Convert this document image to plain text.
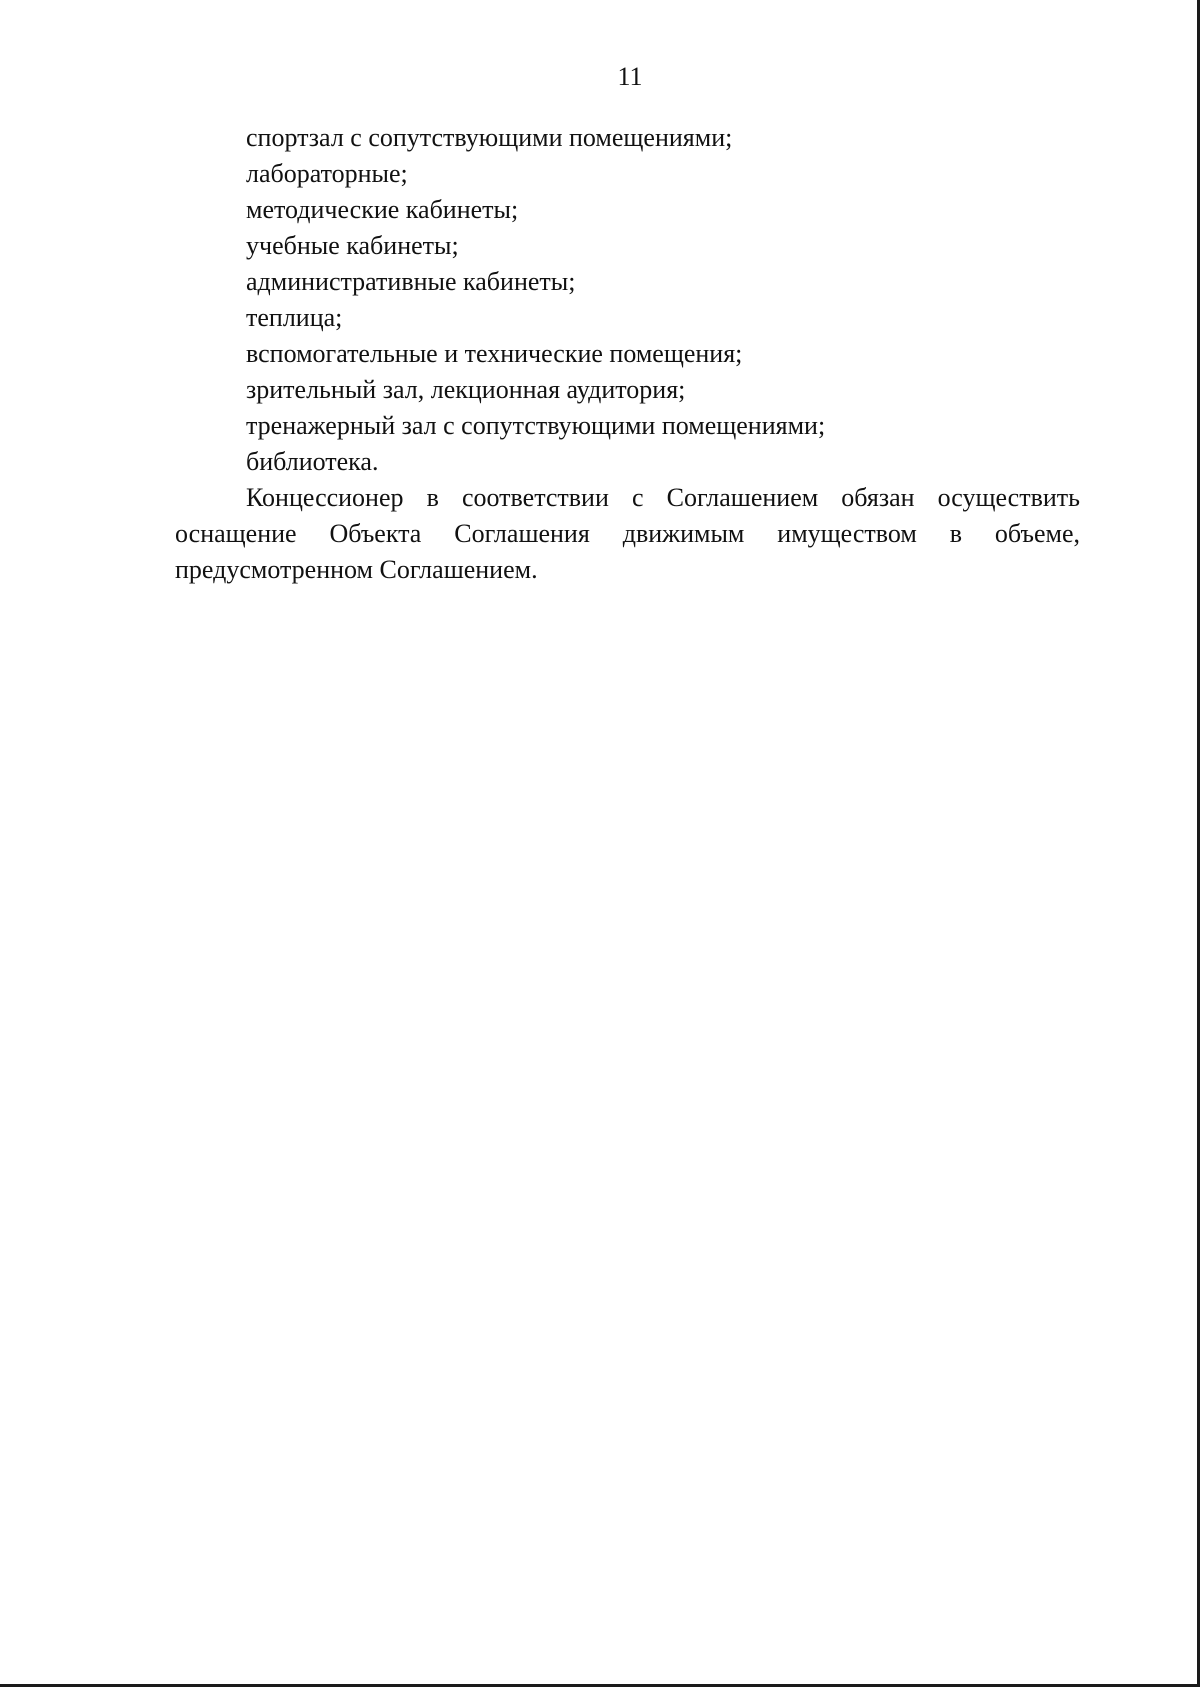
11
спортзал с сопутствующими помещениями;
лабораторные;
методические кабинеты;
учебные кабинеты;
административные кабинеты;
теплица;
вспомогательные и технические помещения;
зрительный зал, лекционная аудитория;
тренажерный зал с сопутствующими помещениями;
библиотека.

Концессионер в соответствии с Соглашением обязан осуществить оснащение Объекта Соглашения движимым имуществом в объеме, предусмотренном Соглашением.
